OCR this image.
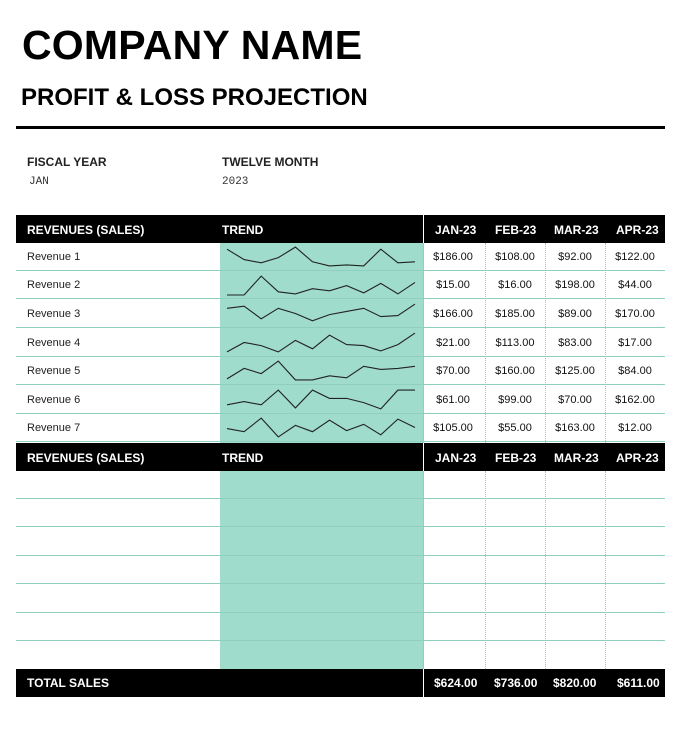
COMPANY NAME
PROFIT & LOSS PROJECTION
FISCAL YEAR
JAN
TWELVE MONTH
2023
REVENUES (SALES)	TREND	JAN-23 FEB-23 MAR-23 APR-23
Revenue 1	$186.00	$108.00	$92.00	$122.00
Revenue 2	$15.00	$16.00	$198.00	$44.00
Revenue 3	$166.00	$185.00	$89.00	$170.00
Revenue 4	$21.00	$113.00	$83.00	$17.00
Revenue 5	$70.00	$160.00	$125.00	$84.00
Revenue 6	$61.00	$99.00	$70.00	$162.00
Revenue 7	$105.00	$55.00	$163.00	$12.00
REVENUES (SALES)	TREND	JAN-23 FEB-23 MAR-23 APR-23
TOTAL SALES	$624.00 $736.00 $820.00 $611.00
